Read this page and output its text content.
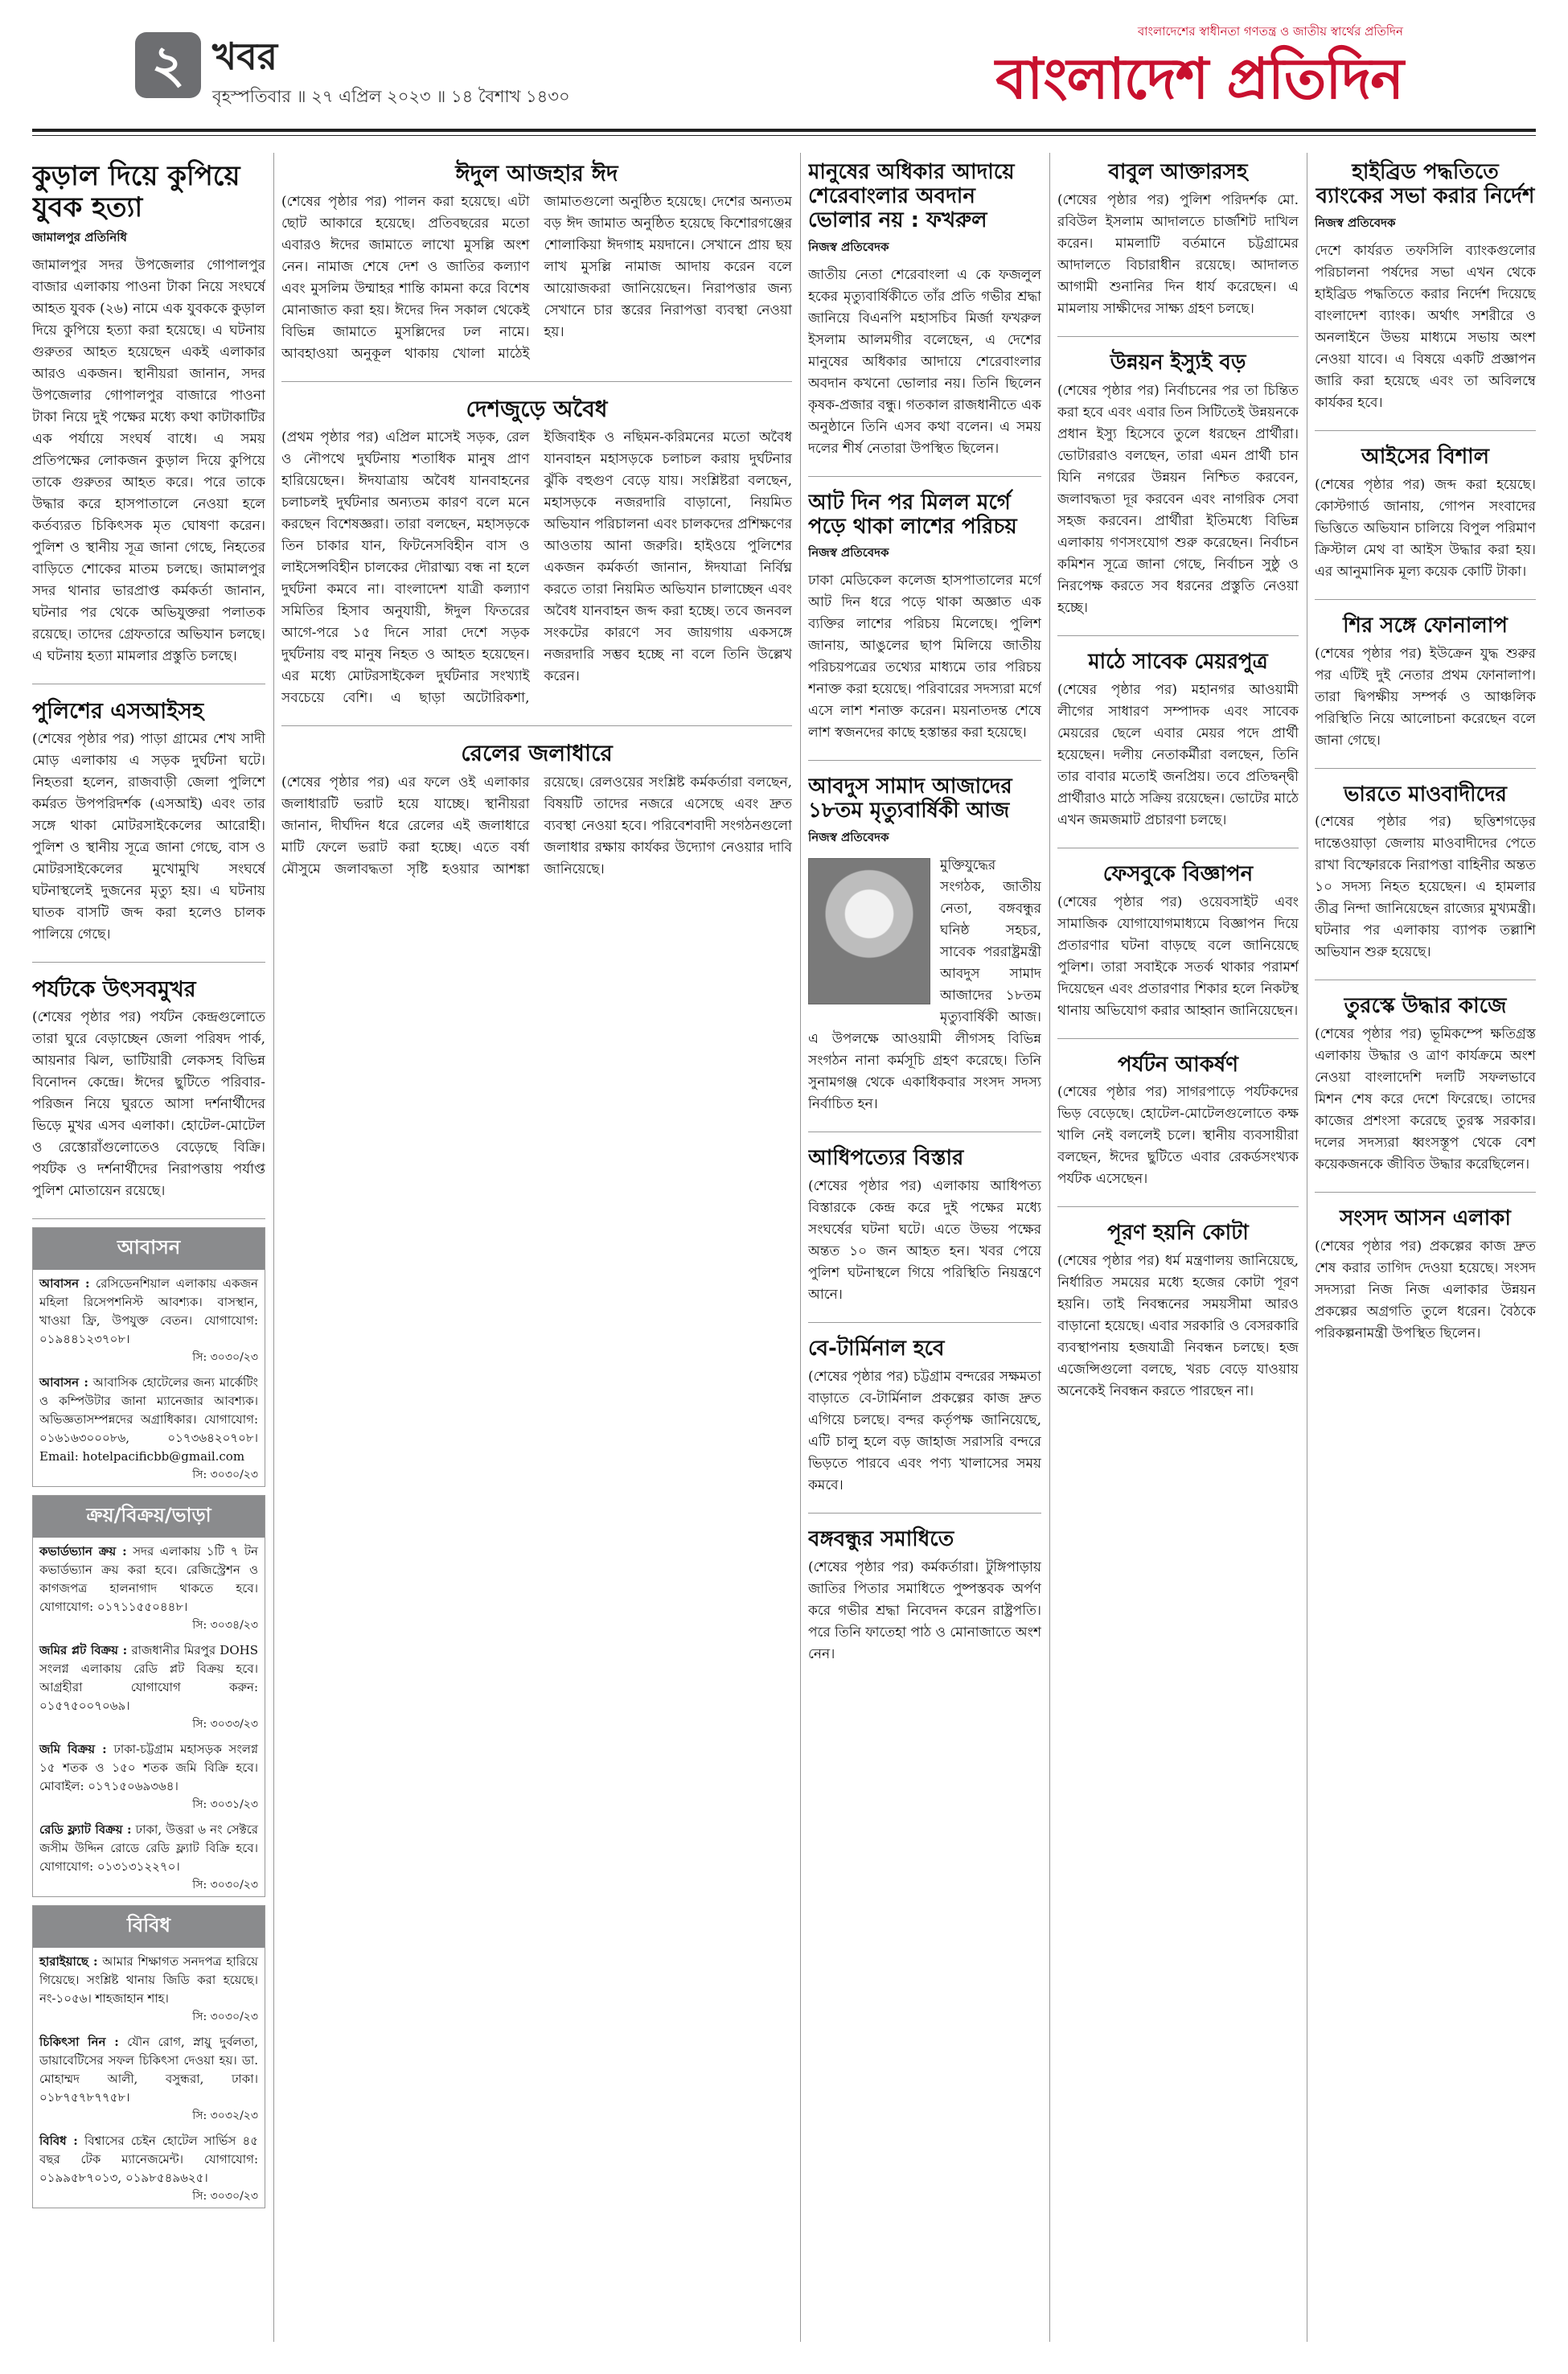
২ খবর
বৃহস্পতিবার ॥ ২৭ এপ্রিল ২০২৩ ॥ ১৪ বৈশাখ ১৪৩০
বাংলাদেশের স্বাধীনতা গণতন্ত্র ও জাতীয় স্বার্থের প্রতিদিন
বাংলাদেশ প্রতিদিন
কুড়াল দিয়ে কুপিয়ে যুবক হত্যা
জামালপুর প্রতিনিধি

জামালপুর সদর উপজেলার গোপালপুর বাজার এলাকায় পাওনা টাকা নিয়ে সংঘর্ষে আহত যুবক (২৬) নামে এক যুবককে কুড়াল দিয়ে কুপিয়ে হত্যা করা হয়েছে। এ ঘটনায় গুরুতর আহত হয়েছেন একই এলাকার আরও একজন। স্থানীয়রা জানান, সদর উপজেলার গোপালপুর বাজারে পাওনা টাকা নিয়ে দুই পক্ষের মধ্যে কথা কাটাকাটির এক পর্যায়ে সংঘর্ষ বাধে। এ সময় প্রতিপক্ষের লোকজন কুড়াল দিয়ে কুপিয়ে তাকে গুরুতর আহত করে। পরে তাকে উদ্ধার করে হাসপাতালে নেওয়া হলে কর্তব্যরত চিকিৎসক মৃত ঘোষণা করেন। পুলিশ ও স্থানীয় সূত্র জানা গেছে, নিহতের বাড়িতে শোকের মাতম চলছে। জামালপুর সদর থানার ভারপ্রাপ্ত কর্মকর্তা জানান, ঘটনার পর থেকে অভিযুক্তরা পলাতক রয়েছে। তাদের গ্রেফতারে অভিযান চলছে। এ ঘটনায় হত্যা মামলার প্রস্তুতি চলছে।

পুলিশের এসআইসহ

(শেষের পৃষ্ঠার পর) পাড়া গ্রামের শেখ সাদী মোড় এলাকায় এ সড়ক দুর্ঘটনা ঘটে। নিহতরা হলেন, রাজবাড়ী জেলা পুলিশে কর্মরত উপপরিদর্শক (এসআই) এবং তার সঙ্গে থাকা মোটরসাইকেলের আরোহী। পুলিশ ও স্থানীয় সূত্রে জানা গেছে, বাস ও মোটরসাইকেলের মুখোমুখি সংঘর্ষে ঘটনাস্থলেই দুজনের মৃত্যু হয়। এ ঘটনায় ঘাতক বাসটি জব্দ করা হলেও চালক পালিয়ে গেছে।

পর্যটকে উৎসবমুখর

(শেষের পৃষ্ঠার পর) পর্যটন কেন্দ্রগুলোতে তারা ঘুরে বেড়াচ্ছেন জেলা পরিষদ পার্ক, আয়নার ঝিল, ভাটিয়ারী লেকসহ বিভিন্ন বিনোদন কেন্দ্রে। ঈদের ছুটিতে পরিবার-পরিজন নিয়ে ঘুরতে আসা দর্শনার্থীদের ভিড়ে মুখর এসব এলাকা। হোটেল-মোটেল ও রেস্তোরাঁগুলোতেও বেড়েছে বিক্রি। পর্যটক ও দর্শনার্থীদের নিরাপত্তায় পর্যাপ্ত পুলিশ মোতায়েন রয়েছে।

আবাসন
আবাসন : রেসিডেনশিয়াল এলাকায় একজন মহিলা রিসেপশনিস্ট আবশ্যক। বাসস্থান, খাওয়া ফ্রি, উপযুক্ত বেতন। যোগাযোগ: ০১৯৪৪১২৩৭০৮।
সি: ৩০৩০/২৩
আবাসন : আবাসিক হোটেলের জন্য মার্কেটিং ও কম্পিউটার জানা ম্যানেজার আবশ্যক। অভিজ্ঞতাসম্পন্নদের অগ্রাধিকার। যোগাযোগ: ০১৬১৬৩০০০৮৬, ০১৭৩৬৪২০৭০৮। Email: hotelpacificbb@gmail.com
সি: ৩০৩০/২৩
ক্রয়/বিক্রয়/ভাড়া
কভার্ডভ্যান ক্রয় : সদর এলাকায় ১টি ৭ টন কভার্ডভ্যান ক্রয় করা হবে। রেজিস্ট্রেশন ও কাগজপত্র হালনাগাদ থাকতে হবে। যোগাযোগ: ০১৭১১৫৫০৪৪৮।
সি: ৩০৩৪/২৩
জমির প্লট বিক্রয় : রাজধানীর মিরপুর DOHS সংলগ্ন এলাকায় রেডি প্লট বিক্রয় হবে। আগ্রহীরা যোগাযোগ করুন: ০১৫৭৫০০৭০৬৯।
সি: ৩০৩৩/২৩
জমি বিক্রয় : ঢাকা-চট্টগ্রাম মহাসড়ক সংলগ্ন ১৫ শতক ও ১৫০ শতক জমি বিক্রি হবে। মোবাইল: ০১৭১৫০৬৯৩৬৪।
সি: ৩০৩১/২৩
রেডি ফ্ল্যাট বিক্রয় : ঢাকা, উত্তরা ৬ নং সেক্টরে জসীম উদ্দিন রোডে রেডি ফ্ল্যাট বিক্রি হবে। যোগাযোগ: ০১৩১৩১২২৭০।
সি: ৩০৩০/২৩
বিবিধ
হারাইয়াছে : আমার শিক্ষাগত সনদপত্র হারিয়ে গিয়েছে। সংশ্লিষ্ট থানায় জিডি করা হয়েছে। নং-১০৫৬। শাহজাহান শাহ।
সি: ৩০৩০/২৩
চিকিৎসা নিন : যৌন রোগ, স্নায়ু দুর্বলতা, ডায়াবেটিসের সফল চিকিৎসা দেওয়া হয়। ডা. মোহাম্মদ আলী, বসুন্ধরা, ঢাকা। ০১৮৭৫৭৮৭৭৫৮।
সি: ৩০৩২/২৩
বিবিধ : বিশ্বাসের চেইন হোটেল সার্ভিস ৪৫ বছর টেক ম্যানেজমেন্ট। যোগাযোগ: ০১৯৯৫৮৭০১৩, ০১৯৮৫৪৯৬২৫।
সি: ৩০৩০/২৩
ঈদুল আজহার ঈদ

(শেষের পৃষ্ঠার পর) পালন করা হয়েছে। এটা ছোট আকারে হয়েছে। প্রতিবছরের মতো এবারও ঈদের জামাতে লাখো মুসল্লি অংশ নেন। নামাজ শেষে দেশ ও জাতির কল্যাণ এবং মুসলিম উম্মাহর শান্তি কামনা করে বিশেষ মোনাজাত করা হয়। ঈদের দিন সকাল থেকেই বিভিন্ন জামাতে মুসল্লিদের ঢল নামে। আবহাওয়া অনুকূল থাকায় খোলা মাঠেই জামাতগুলো অনুষ্ঠিত হয়েছে। দেশের অন্যতম বড় ঈদ জামাত অনুষ্ঠিত হয়েছে কিশোরগঞ্জের শোলাকিয়া ঈদগাহ ময়দানে। সেখানে প্রায় ছয় লাখ মুসল্লি নামাজ আদায় করেন বলে আয়োজকরা জানিয়েছেন। নিরাপত্তার জন্য সেখানে চার স্তরের নিরাপত্তা ব্যবস্থা নেওয়া হয়।

দেশজুড়ে অবৈধ

(প্রথম পৃষ্ঠার পর) এপ্রিল মাসেই সড়ক, রেল ও নৌপথে দুর্ঘটনায় শতাধিক মানুষ প্রাণ হারিয়েছেন। ঈদযাত্রায় অবৈধ যানবাহনের চলাচলই দুর্ঘটনার অন্যতম কারণ বলে মনে করছেন বিশেষজ্ঞরা। তারা বলছেন, মহাসড়কে তিন চাকার যান, ফিটনেসবিহীন বাস ও লাইসেন্সবিহীন চালকের দৌরাত্ম্য বন্ধ না হলে দুর্ঘটনা কমবে না। বাংলাদেশ যাত্রী কল্যাণ সমিতির হিসাব অনুযায়ী, ঈদুল ফিতরের আগে-পরে ১৫ দিনে সারা দেশে সড়ক দুর্ঘটনায় বহু মানুষ নিহত ও আহত হয়েছেন। এর মধ্যে মোটরসাইকেল দুর্ঘটনার সংখ্যাই সবচেয়ে বেশি। এ ছাড়া অটোরিকশা, ইজিবাইক ও নছিমন-করিমনের মতো অবৈধ যানবাহন মহাসড়কে চলাচল করায় দুর্ঘটনার ঝুঁকি বহুগুণ বেড়ে যায়। সংশ্লিষ্টরা বলছেন, মহাসড়কে নজরদারি বাড়ানো, নিয়মিত অভিযান পরিচালনা এবং চালকদের প্রশিক্ষণের আওতায় আনা জরুরি। হাইওয়ে পুলিশের একজন কর্মকর্তা জানান, ঈদযাত্রা নির্বিঘ্ন করতে তারা নিয়মিত অভিযান চালাচ্ছেন এবং অবৈধ যানবাহন জব্দ করা হচ্ছে। তবে জনবল সংকটের কারণে সব জায়গায় একসঙ্গে নজরদারি সম্ভব হচ্ছে না বলে তিনি উল্লেখ করেন।

রেলের জলাধারে

(শেষের পৃষ্ঠার পর) এর ফলে ওই এলাকার জলাধারটি ভরাট হয়ে যাচ্ছে। স্থানীয়রা জানান, দীর্ঘদিন ধরে রেলের এই জলাধারে মাটি ফেলে ভরাট করা হচ্ছে। এতে বর্ষা মৌসুমে জলাবদ্ধতা সৃষ্টি হওয়ার আশঙ্কা রয়েছে। রেলওয়ের সংশ্লিষ্ট কর্মকর্তারা বলছেন, বিষয়টি তাদের নজরে এসেছে এবং দ্রুত ব্যবস্থা নেওয়া হবে। পরিবেশবাদী সংগঠনগুলো জলাধার রক্ষায় কার্যকর উদ্যোগ নেওয়ার দাবি জানিয়েছে।

মানুষের অধিকার আদায়ে শেরেবাংলার অবদান ভোলার নয় : ফখরুল
নিজস্ব প্রতিবেদক

জাতীয় নেতা শেরেবাংলা এ কে ফজলুল হকের মৃত্যুবার্ষিকীতে তাঁর প্রতি গভীর শ্রদ্ধা জানিয়ে বিএনপি মহাসচিব মির্জা ফখরুল ইসলাম আলমগীর বলেছেন, এ দেশের মানুষের অধিকার আদায়ে শেরেবাংলার অবদান কখনো ভোলার নয়। তিনি ছিলেন কৃষক-প্রজার বন্ধু। গতকাল রাজধানীতে এক অনুষ্ঠানে তিনি এসব কথা বলেন। এ সময় দলের শীর্ষ নেতারা উপস্থিত ছিলেন।

আট দিন পর মিলল মর্গে পড়ে থাকা লাশের পরিচয়
নিজস্ব প্রতিবেদক

ঢাকা মেডিকেল কলেজ হাসপাতালের মর্গে আট দিন ধরে পড়ে থাকা অজ্ঞাত এক ব্যক্তির লাশের পরিচয় মিলেছে। পুলিশ জানায়, আঙুলের ছাপ মিলিয়ে জাতীয় পরিচয়পত্রের তথ্যের মাধ্যমে তার পরিচয় শনাক্ত করা হয়েছে। পরিবারের সদস্যরা মর্গে এসে লাশ শনাক্ত করেন। ময়নাতদন্ত শেষে লাশ স্বজনদের কাছে হস্তান্তর করা হয়েছে।

আবদুস সামাদ আজাদের ১৮তম মৃত্যুবার্ষিকী আজ
নিজস্ব প্রতিবেদক

মুক্তিযুদ্ধের সংগঠক, জাতীয় নেতা, বঙ্গবন্ধুর ঘনিষ্ঠ সহচর, সাবেক পররাষ্ট্রমন্ত্রী আবদুস সামাদ আজাদের ১৮তম মৃত্যুবার্ষিকী আজ। এ উপলক্ষে আওয়ামী লীগসহ বিভিন্ন সংগঠন নানা কর্মসূচি গ্রহণ করেছে। তিনি সুনামগঞ্জ থেকে একাধিকবার সংসদ সদস্য নির্বাচিত হন।

আধিপত্যের বিস্তার

(শেষের পৃষ্ঠার পর) এলাকায় আধিপত্য বিস্তারকে কেন্দ্র করে দুই পক্ষের মধ্যে সংঘর্ষের ঘটনা ঘটে। এতে উভয় পক্ষের অন্তত ১০ জন আহত হন। খবর পেয়ে পুলিশ ঘটনাস্থলে গিয়ে পরিস্থিতি নিয়ন্ত্রণে আনে।

বে-টার্মিনাল হবে

(শেষের পৃষ্ঠার পর) চট্টগ্রাম বন্দরের সক্ষমতা বাড়াতে বে-টার্মিনাল প্রকল্পের কাজ দ্রুত এগিয়ে চলছে। বন্দর কর্তৃপক্ষ জানিয়েছে, এটি চালু হলে বড় জাহাজ সরাসরি বন্দরে ভিড়তে পারবে এবং পণ্য খালাসের সময় কমবে।

বঙ্গবন্ধুর সমাধিতে

(শেষের পৃষ্ঠার পর) কর্মকর্তারা। টুঙ্গিপাড়ায় জাতির পিতার সমাধিতে পুষ্পস্তবক অর্পণ করে গভীর শ্রদ্ধা নিবেদন করেন রাষ্ট্রপতি। পরে তিনি ফাতেহা পাঠ ও মোনাজাতে অংশ নেন।

বাবুল আক্তারসহ

(শেষের পৃষ্ঠার পর) পুলিশ পরিদর্শক মো. রবিউল ইসলাম আদালতে চার্জশিট দাখিল করেন। মামলাটি বর্তমানে চট্টগ্রামের আদালতে বিচারাধীন রয়েছে। আদালত আগামী শুনানির দিন ধার্য করেছেন। এ মামলায় সাক্ষীদের সাক্ষ্য গ্রহণ চলছে।

উন্নয়ন ইস্যুই বড়

(শেষের পৃষ্ঠার পর) নির্বাচনের পর তা চিন্তিত করা হবে এবং এবার তিন সিটিতেই উন্নয়নকে প্রধান ইস্যু হিসেবে তুলে ধরছেন প্রার্থীরা। ভোটাররাও বলছেন, তারা এমন প্রার্থী চান যিনি নগরের উন্নয়ন নিশ্চিত করবেন, জলাবদ্ধতা দূর করবেন এবং নাগরিক সেবা সহজ করবেন। প্রার্থীরা ইতিমধ্যে বিভিন্ন এলাকায় গণসংযোগ শুরু করেছেন। নির্বাচন কমিশন সূত্রে জানা গেছে, নির্বাচন সুষ্ঠু ও নিরপেক্ষ করতে সব ধরনের প্রস্তুতি নেওয়া হচ্ছে।

মাঠে সাবেক মেয়রপুত্র

(শেষের পৃষ্ঠার পর) মহানগর আওয়ামী লীগের সাধারণ সম্পাদক এবং সাবেক মেয়রের ছেলে এবার মেয়র পদে প্রার্থী হয়েছেন। দলীয় নেতাকর্মীরা বলছেন, তিনি তার বাবার মতোই জনপ্রিয়। তবে প্রতিদ্বন্দ্বী প্রার্থীরাও মাঠে সক্রিয় রয়েছেন। ভোটের মাঠে এখন জমজমাট প্রচারণা চলছে।

ফেসবুকে বিজ্ঞাপন

(শেষের পৃষ্ঠার পর) ওয়েবসাইট এবং সামাজিক যোগাযোগমাধ্যমে বিজ্ঞাপন দিয়ে প্রতারণার ঘটনা বাড়ছে বলে জানিয়েছে পুলিশ। তারা সবাইকে সতর্ক থাকার পরামর্শ দিয়েছেন এবং প্রতারণার শিকার হলে নিকটস্থ থানায় অভিযোগ করার আহ্বান জানিয়েছেন।

পর্যটন আকর্ষণ

(শেষের পৃষ্ঠার পর) সাগরপাড়ে পর্যটকদের ভিড় বেড়েছে। হোটেল-মোটেলগুলোতে কক্ষ খালি নেই বললেই চলে। স্থানীয় ব্যবসায়ীরা বলছেন, ঈদের ছুটিতে এবার রেকর্ডসংখ্যক পর্যটক এসেছেন।

পূরণ হয়নি কোটা

(শেষের পৃষ্ঠার পর) ধর্ম মন্ত্রণালয় জানিয়েছে, নির্ধারিত সময়ের মধ্যে হজের কোটা পূরণ হয়নি। তাই নিবন্ধনের সময়সীমা আরও বাড়ানো হয়েছে। এবার সরকারি ও বেসরকারি ব্যবস্থাপনায় হজযাত্রী নিবন্ধন চলছে। হজ এজেন্সিগুলো বলছে, খরচ বেড়ে যাওয়ায় অনেকেই নিবন্ধন করতে পারছেন না।

হাইব্রিড পদ্ধতিতে ব্যাংকের সভা করার নির্দেশ
নিজস্ব প্রতিবেদক

দেশে কার্যরত তফসিলি ব্যাংকগুলোর পরিচালনা পর্ষদের সভা এখন থেকে হাইব্রিড পদ্ধতিতে করার নির্দেশ দিয়েছে বাংলাদেশ ব্যাংক। অর্থাৎ সশরীরে ও অনলাইনে উভয় মাধ্যমে সভায় অংশ নেওয়া যাবে। এ বিষয়ে একটি প্রজ্ঞাপন জারি করা হয়েছে এবং তা অবিলম্বে কার্যকর হবে।

আইসের বিশাল

(শেষের পৃষ্ঠার পর) জব্দ করা হয়েছে। কোস্টগার্ড জানায়, গোপন সংবাদের ভিত্তিতে অভিযান চালিয়ে বিপুল পরিমাণ ক্রিস্টাল মেথ বা আইস উদ্ধার করা হয়। এর আনুমানিক মূল্য কয়েক কোটি টাকা।

শির সঙ্গে ফোনালাপ

(শেষের পৃষ্ঠার পর) ইউক্রেন যুদ্ধ শুরুর পর এটিই দুই নেতার প্রথম ফোনালাপ। তারা দ্বিপক্ষীয় সম্পর্ক ও আঞ্চলিক পরিস্থিতি নিয়ে আলোচনা করেছেন বলে জানা গেছে।

ভারতে মাওবাদীদের

(শেষের পৃষ্ঠার পর) ছত্তিশগড়ের দান্তেওয়াড়া জেলায় মাওবাদীদের পেতে রাখা বিস্ফোরকে নিরাপত্তা বাহিনীর অন্তত ১০ সদস্য নিহত হয়েছেন। এ হামলার তীব্র নিন্দা জানিয়েছেন রাজ্যের মুখ্যমন্ত্রী। ঘটনার পর এলাকায় ব্যাপক তল্লাশি অভিযান শুরু হয়েছে।

তুরস্কে উদ্ধার কাজে

(শেষের পৃষ্ঠার পর) ভূমিকম্পে ক্ষতিগ্রস্ত এলাকায় উদ্ধার ও ত্রাণ কার্যক্রমে অংশ নেওয়া বাংলাদেশি দলটি সফলভাবে মিশন শেষ করে দেশে ফিরেছে। তাদের কাজের প্রশংসা করেছে তুরস্ক সরকার। দলের সদস্যরা ধ্বংসস্তূপ থেকে বেশ কয়েকজনকে জীবিত উদ্ধার করেছিলেন।

সংসদ আসন এলাকা

(শেষের পৃষ্ঠার পর) প্রকল্পের কাজ দ্রুত শেষ করার তাগিদ দেওয়া হয়েছে। সংসদ সদস্যরা নিজ নিজ এলাকার উন্নয়ন প্রকল্পের অগ্রগতি তুলে ধরেন। বৈঠকে পরিকল্পনামন্ত্রী উপস্থিত ছিলেন।
